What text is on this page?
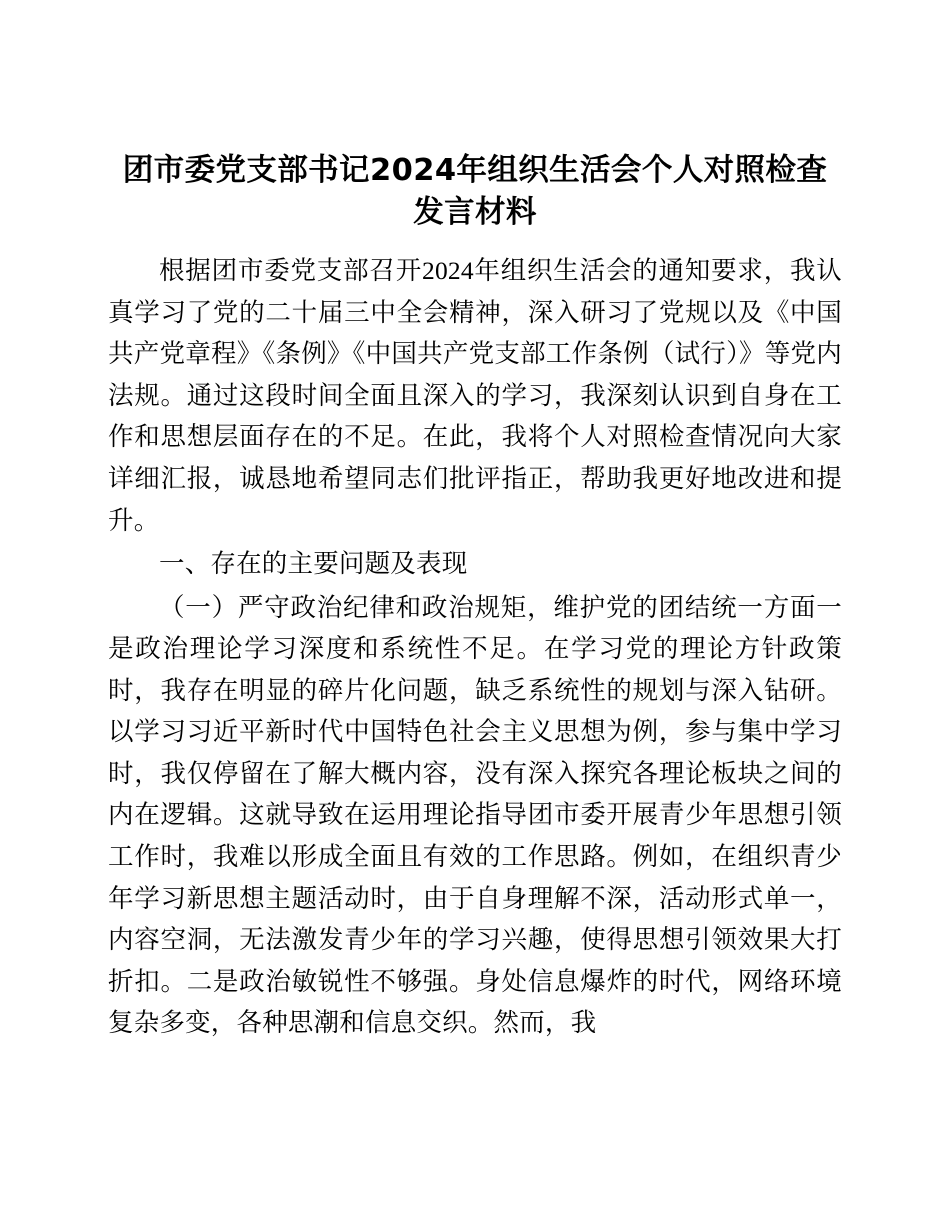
团市委党支部书记2024年组织生活会个人对照检查发言材料

根据团市委党支部召开2024年组织生活会的通知要求，我认真学习了党的二十届三中全会精神，深入研习了党规以及《中国共产党章程》《条例》《中国共产党支部工作条例（试行）》等党内法规。通过这段时间全面且深入的学习，我深刻认识到自身在工作和思想层面存在的不足。在此，我将个人对照检查情况向大家详细汇报，诚恳地希望同志们批评指正，帮助我更好地改进和提升。

一、存在的主要问题及表现

（一）严守政治纪律和政治规矩，维护党的团结统一方面一是政治理论学习深度和系统性不足。在学习党的理论方针政策时，我存在明显的碎片化问题，缺乏系统性的规划与深入钻研。以学习习近平新时代中国特色社会主义思想为例，参与集中学习时，我仅停留在了解大概内容，没有深入探究各理论板块之间的内在逻辑。这就导致在运用理论指导团市委开展青少年思想引领工作时，我难以形成全面且有效的工作思路。例如，在组织青少年学习新思想主题活动时，由于自身理解不深，活动形式单一，内容空洞，无法激发青少年的学习兴趣，使得思想引领效果大打折扣。二是政治敏锐性不够强。身处信息爆炸的时代，网络环境复杂多变，各种思潮和信息交织。然而，我
